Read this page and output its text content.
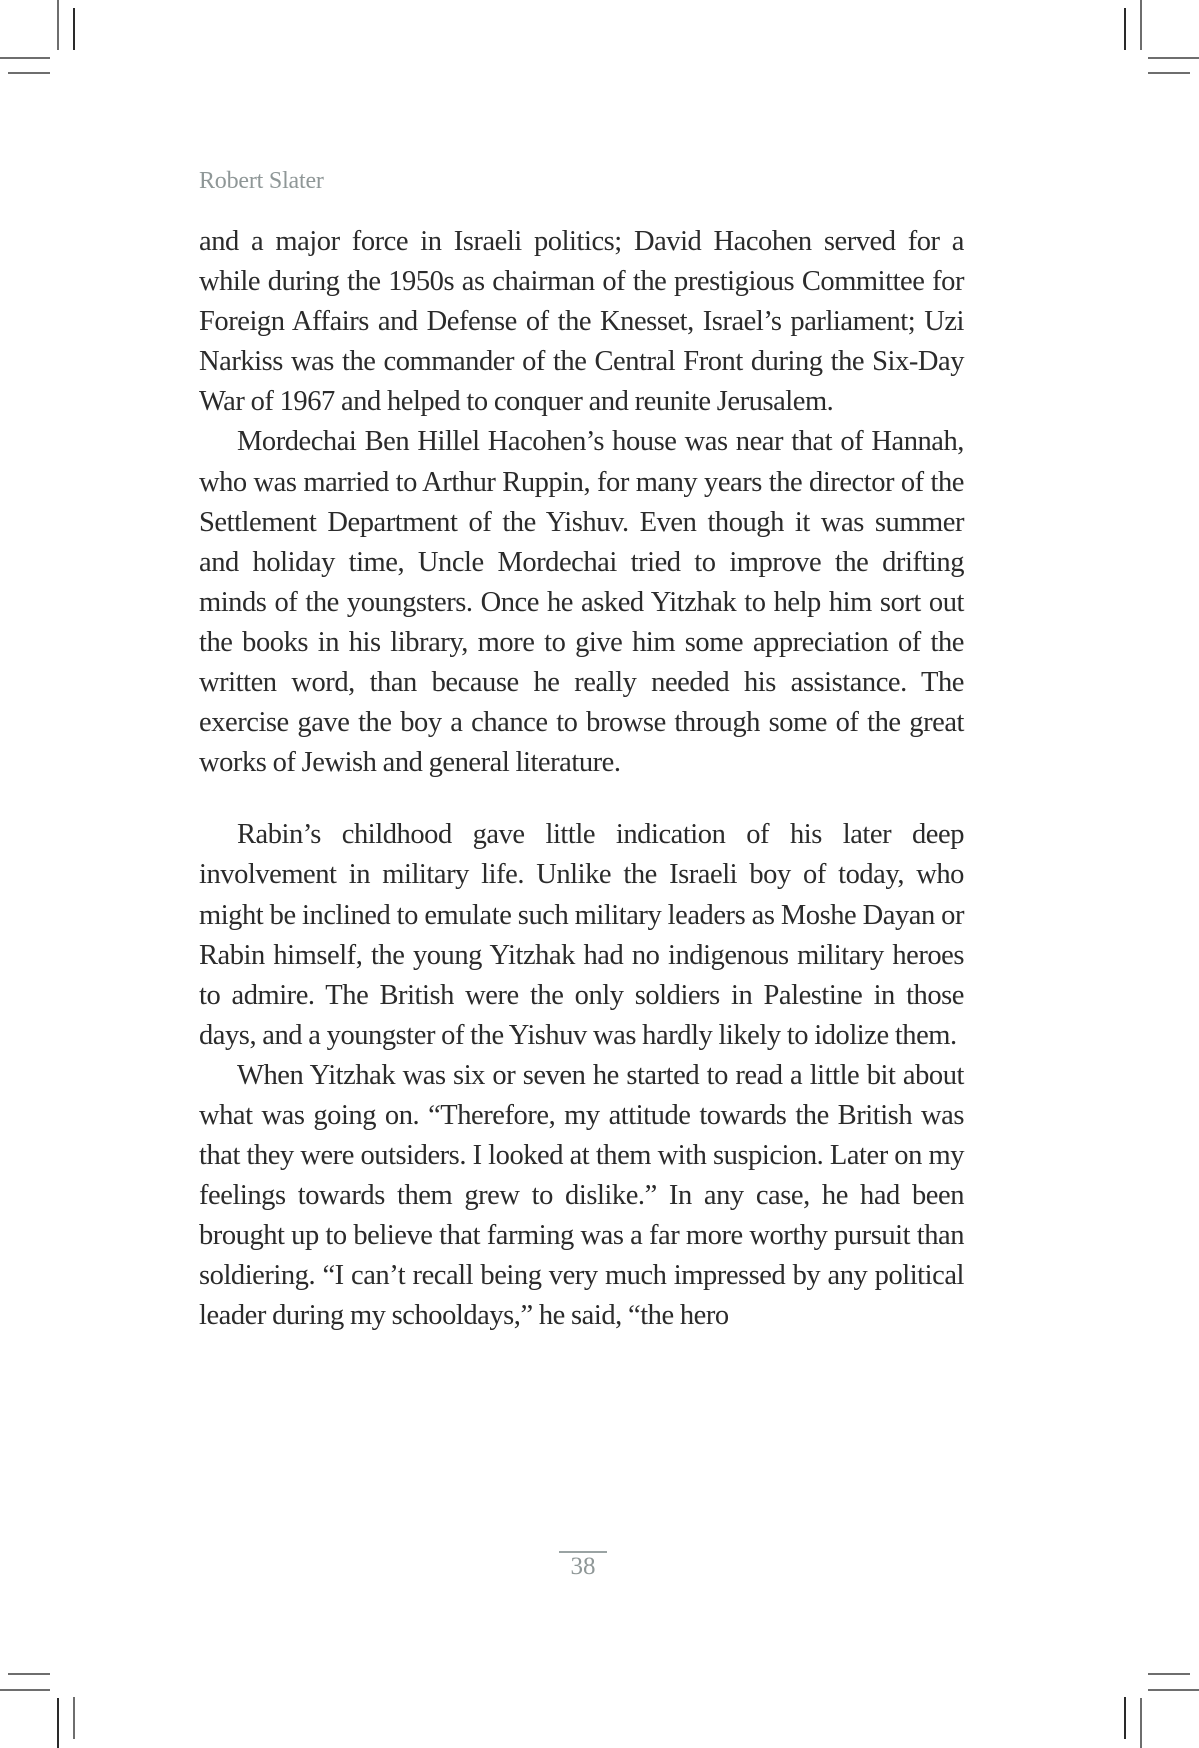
Robert Slater

and a major force in Israeli politics; David Hacohen served for a while during the 1950s as chairman of the prestigious Committee for Foreign Affairs and Defense of the Knesset, Israel’s parliament; Uzi Narkiss was the commander of the Central Front during the Six-Day War of 1967 and helped to conquer and reunite Jerusalem.

Mordechai Ben Hillel Hacohen’s house was near that of Hannah, who was married to Arthur Ruppin, for many years the director of the Settlement Department of the Yishuv. Even though it was summer and holiday time, Uncle Mordechai tried to improve the drifting minds of the youngsters. Once he asked Yitzhak to help him sort out the books in his library, more to give him some appreciation of the written word, than because he really needed his assistance. The exercise gave the boy a chance to browse through some of the great works of Jewish and general literature.

Rabin’s childhood gave little indication of his later deep involvement in military life. Unlike the Israeli boy of today, who might be inclined to emulate such military leaders as Moshe Dayan or Rabin himself, the young Yitzhak had no indigenous military heroes to admire. The British were the only soldiers in Palestine in those days, and a youngster of the Yishuv was hardly likely to idolize them.

When Yitzhak was six or seven he started to read a little bit about what was going on. “Therefore, my attitude towards the British was that they were outsiders. I looked at them with suspicion. Later on my feelings towards them grew to dislike.” In any case, he had been brought up to believe that farming was a far more worthy pursuit than soldiering. “I can’t recall being very much impressed by any political leader during my schooldays,” he said, “the hero

38
